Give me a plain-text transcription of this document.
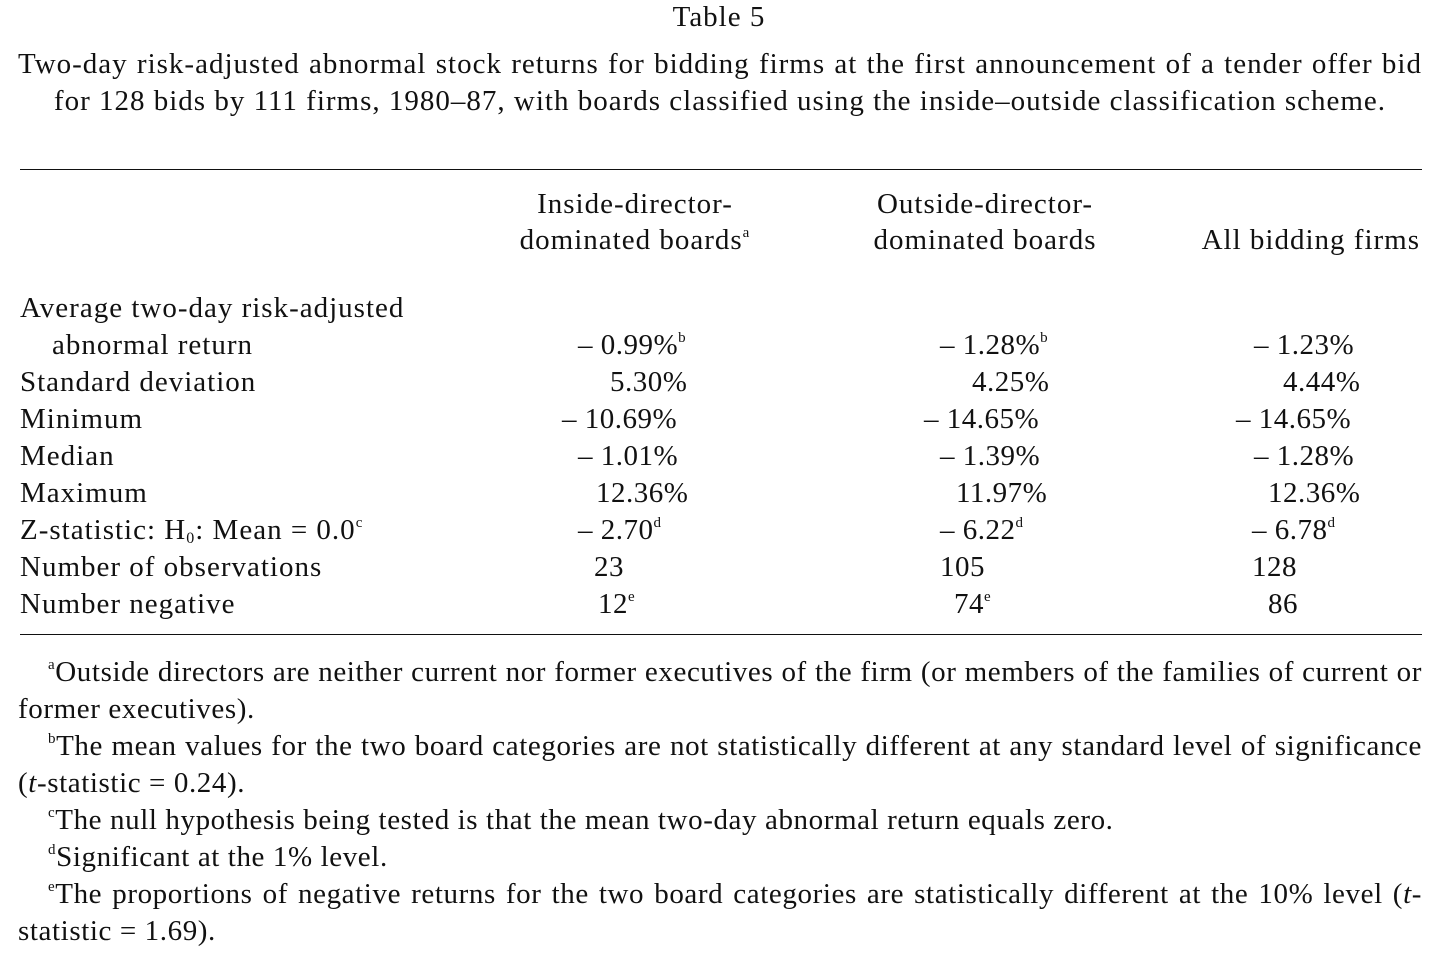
Table 5
Two-day risk-adjusted abnormal stock returns for bidding firms at the first announcement of a tender offer bid for 128 bids by 111 firms, 1980–87, with boards classified using the inside–outside classification scheme.
Inside-director-
dominated boards$^a$
Outside-director-
dominated boards	All bidding firms
Average two-day risk-adjusted
abnormal return
Standard deviation
Minimum
Median
Maximum
Z-statistic: $H_0$: Mean = 0.0$^c$
Number of observations
Number negative
– 0.99%$^b$
5.30%
– 10.69%
– 1.01%
12.36%
– 2.70$^d$
23
12e
– 1.28%$^b$
4.25%
– 14.65%
– 1.39%
11.97%
– 6.22$^d$
105
74e
– 1.23%
4.44%
– 14.65%
– 1.28%
12.36%
– 6.78$^d$
128
86

$^a$Outside directors are neither current nor former executives of the firm (or members of the families of current or former executives).

$^b$The mean values for the two board categories are not statistically different at any standard level of significance (t-statistic = 0.24).

$^c$The null hypothesis being tested is that the mean two-day abnormal return equals zero.

$^d$Significant at the 1% level.

$^e$The proportions of negative returns for the two board categories are statistically different at the 10% level (t-statistic = 1.69).
